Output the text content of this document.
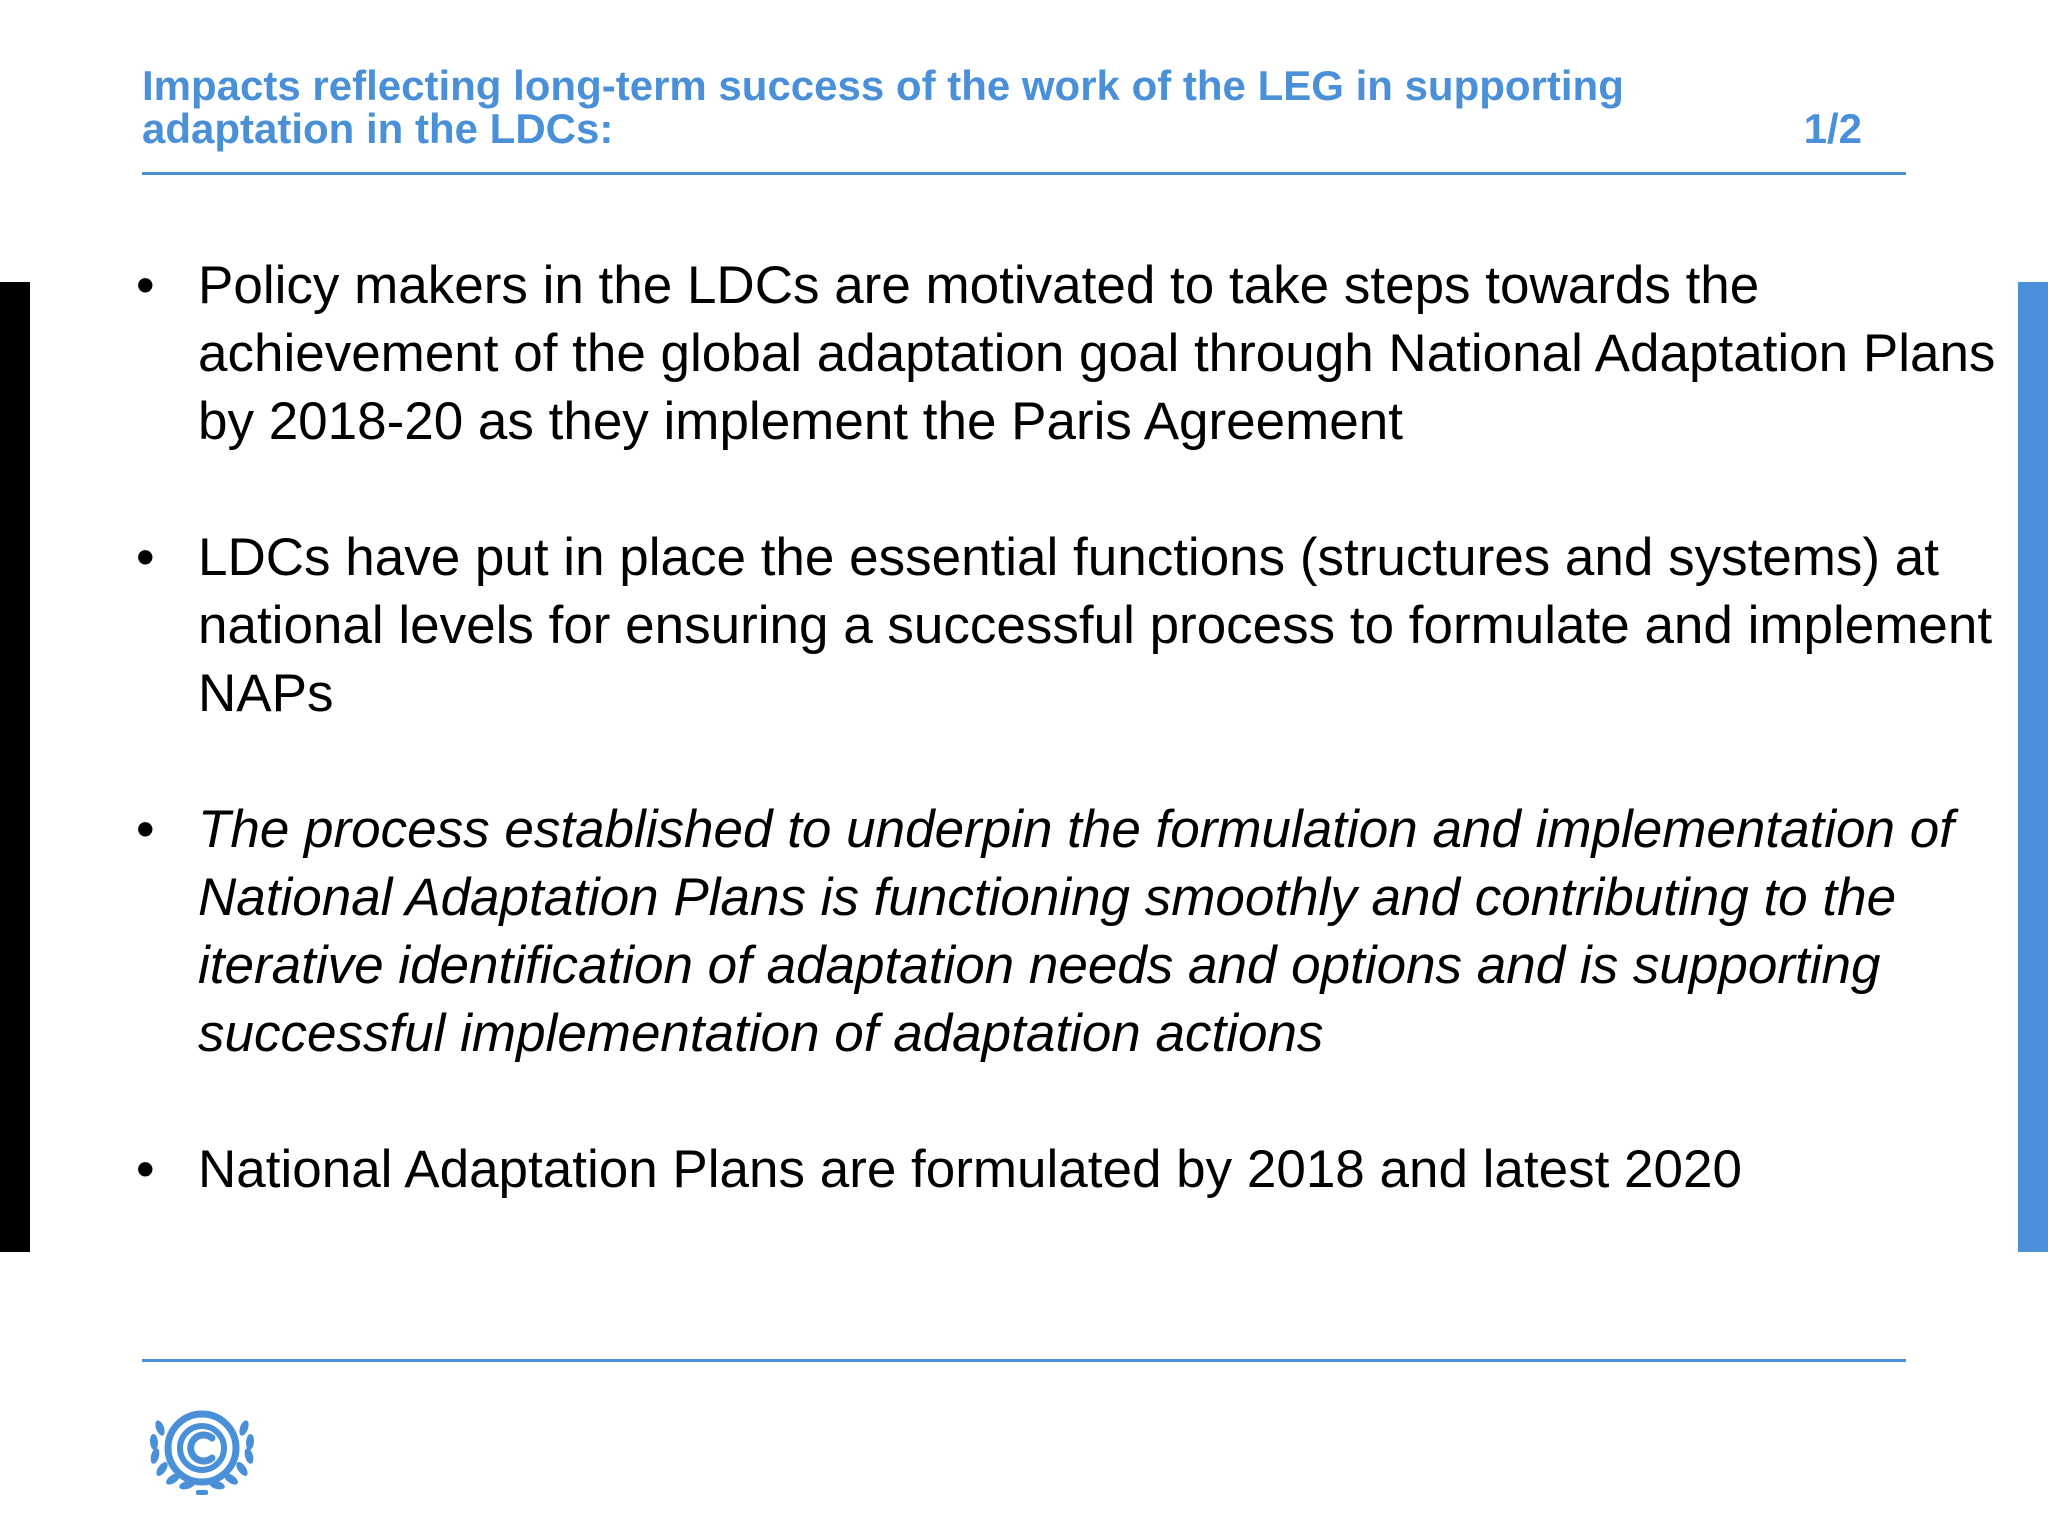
Impacts reflecting long-term success of the work of the LEG in supporting
adaptation in the LDCs:	1/2
• Policy makers in the LDCs are motivated to take steps towards the achievement of the global adaptation goal through National Adaptation Plans by 2018-20 as they implement the Paris Agreement
• LDCs have put in place the essential functions (structures and systems) at national levels for ensuring a successful process to formulate and implement NAPs
• The process established to underpin the formulation and implementation of National Adaptation Plans is functioning smoothly and contributing to the iterative identification of adaptation needs and options and is supporting successful implementation of adaptation actions
• National Adaptation Plans are formulated by 2018 and latest 2020
